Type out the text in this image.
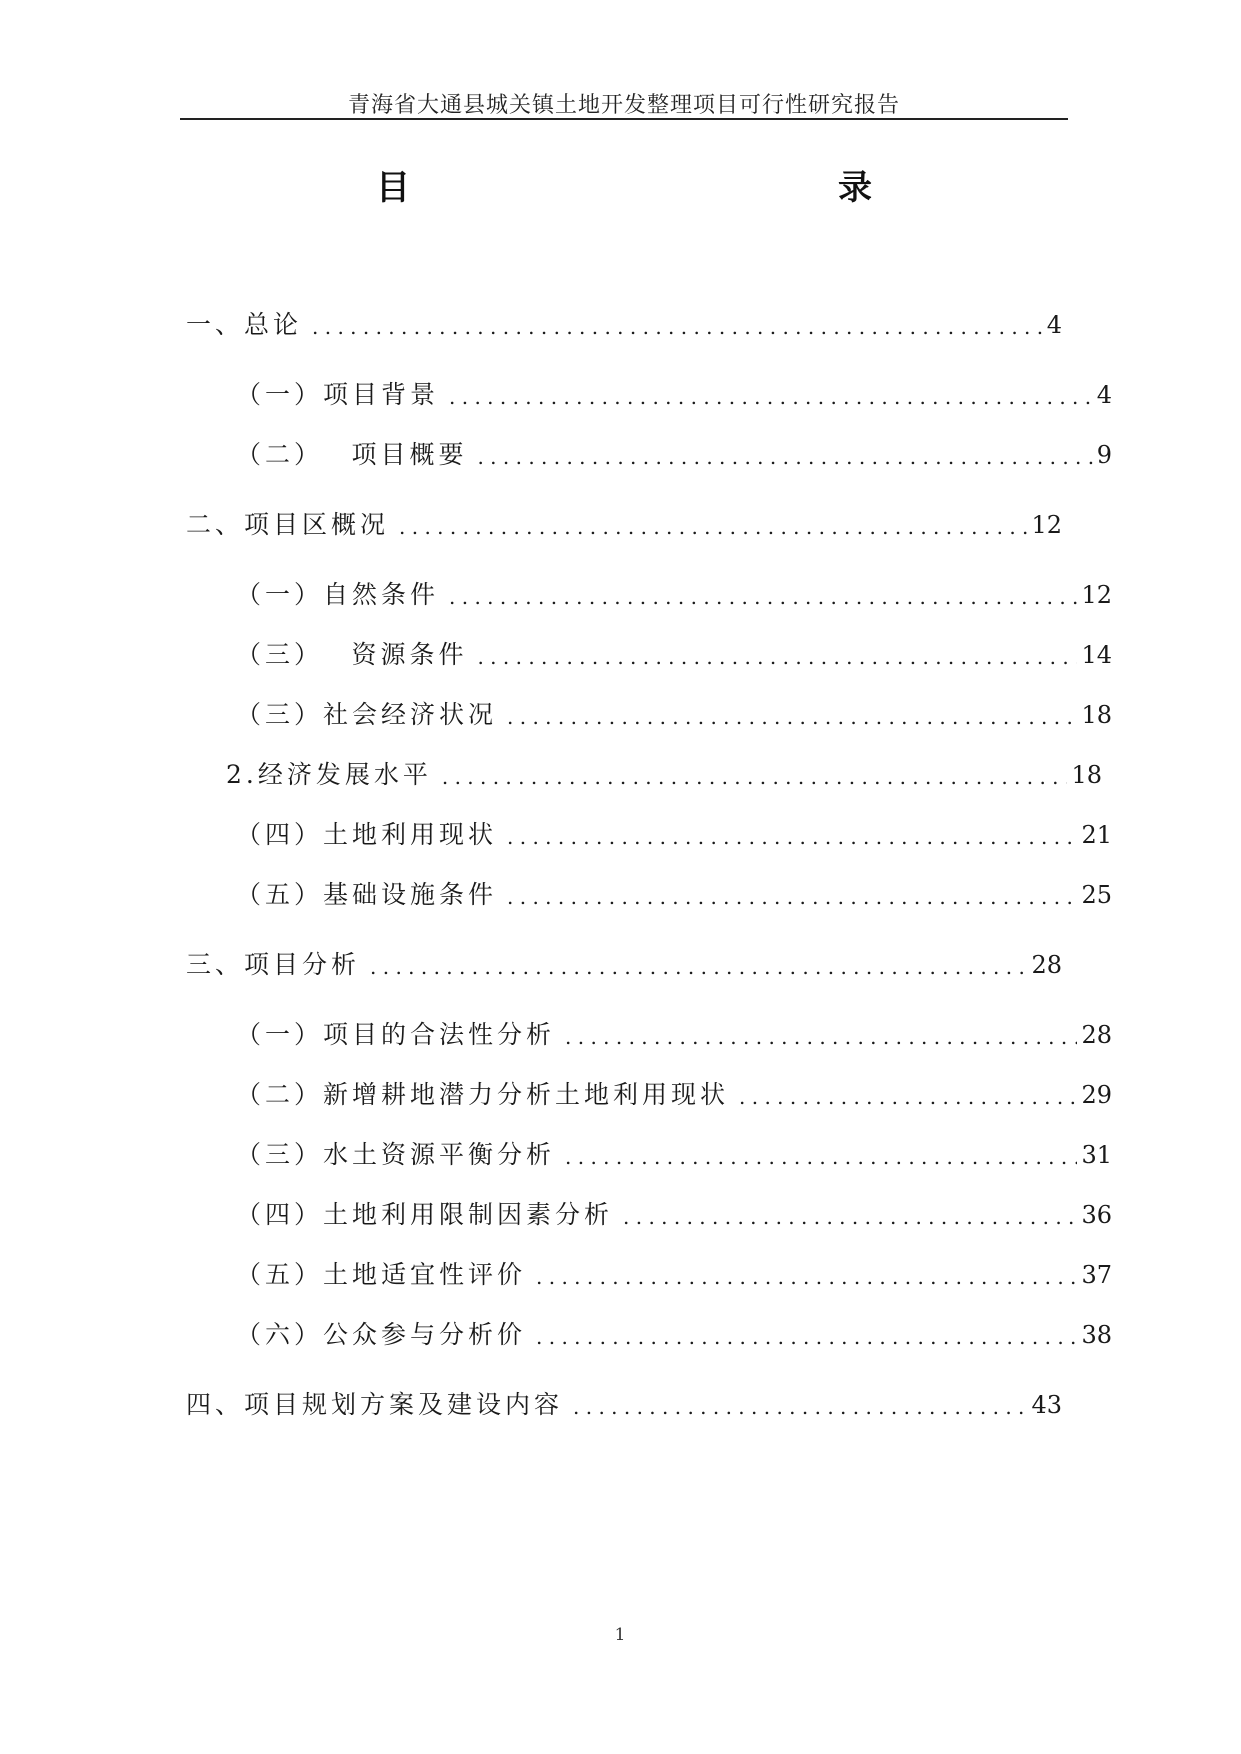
青海省大通县城关镇土地开发整理项目可行性研究报告
目　　录
一、总论 . . .	4
（一）项目背景 . . .	4
（二）　 项目概要 . . .	9
二、项目区概况 . . .	12
（一）自然条件 . . .	12
（三）　 资源条件 . . .	14
（三）社会经济状况 . . .	18
2.经济发展水平 . . .	18
（四）土地利用现状 . . .	21
（五）基础设施条件 . . .	25
三、项目分析 . . .	28
（一）项目的合法性分析 . . .	28
（二）新增耕地潜力分析土地利用现状 . . .	29
（三）水土资源平衡分析 . . .	31
（四）土地利用限制因素分析 . . .	36
（五）土地适宜性评价 . . .	37
（六）公众参与分析价 . . .	38
四、项目规划方案及建设内容 . . .	43
1
